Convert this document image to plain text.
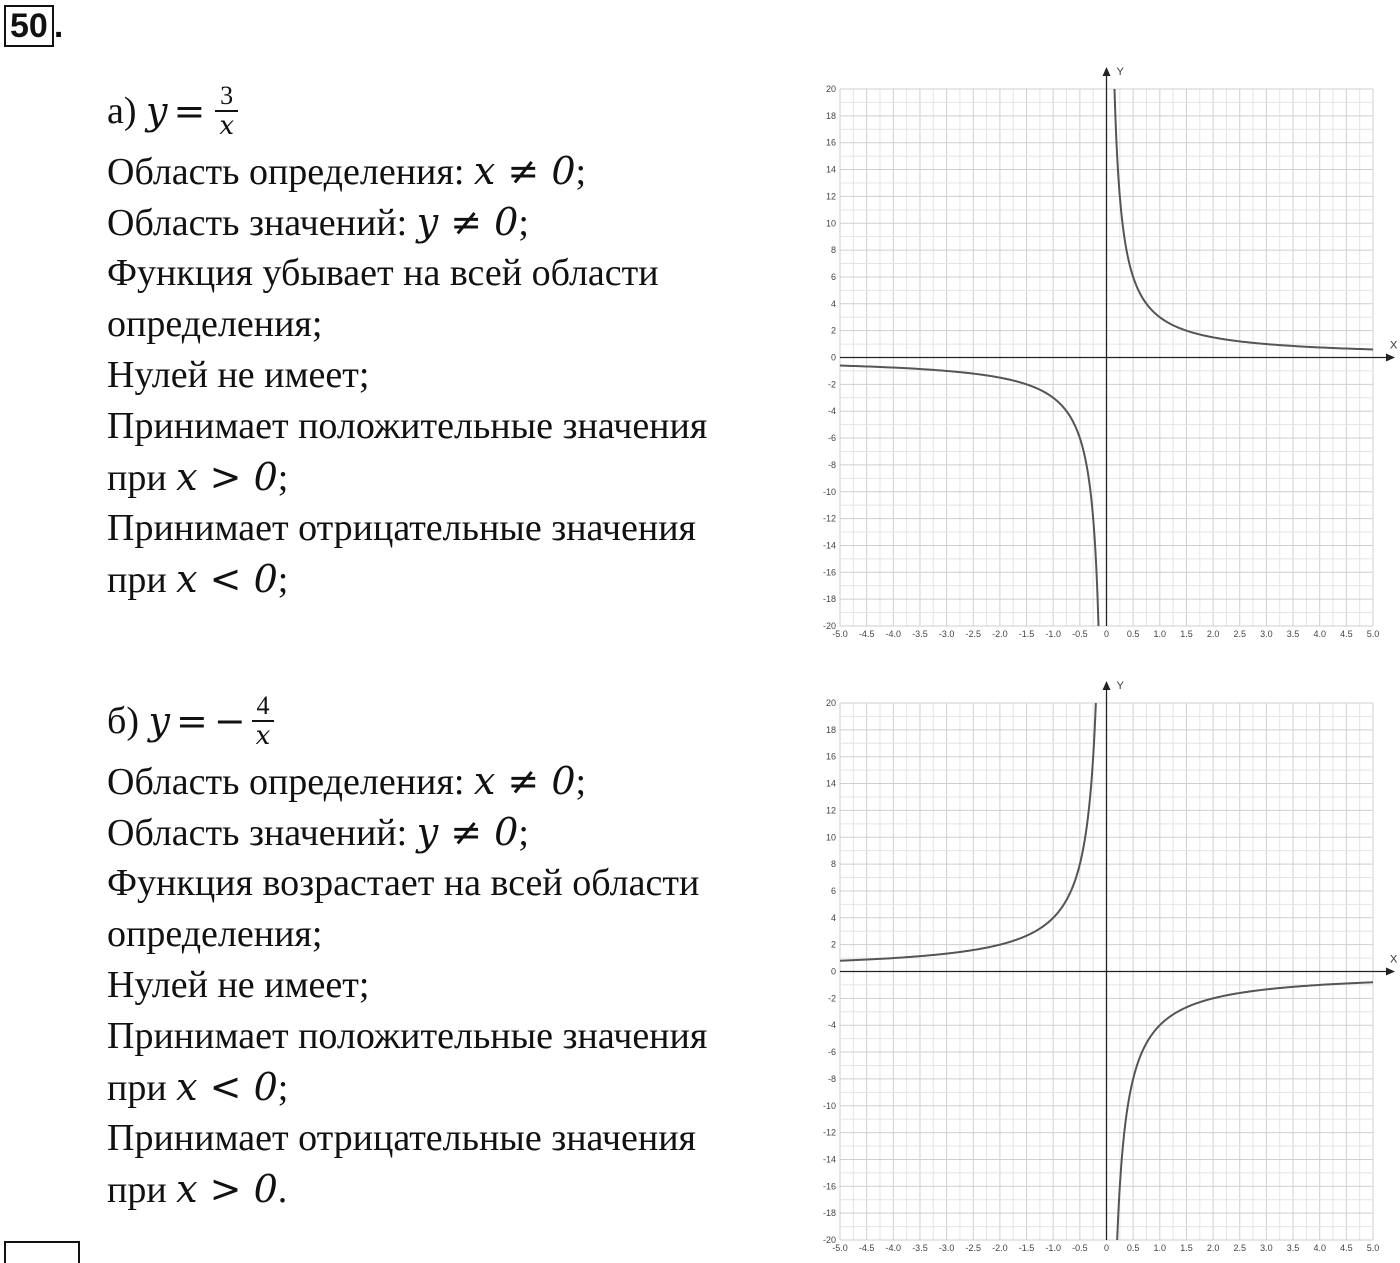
50 .
а)
$y = \frac{3}{x}$
Область определения: x ≠ 0;
Область значений: y ≠ 0;
Функция убывает на всей области
определения;
Нулей не имеет;
Принимает положительные значения
при x > 0;
Принимает отрицательные значения
при x < 0;
б)
y = − $\frac{4}{x}$
Область определения: x ≠ 0;
Область значений: y ≠ 0;
Функция возрастает на всей области
определения;
Нулей не имеет;
Принимает положительные значения
при x < 0;
Принимает отрицательные значения
при x > 0.
X
Y
-5.0 -4.5 -4.0 -3.5 -3.0 -2.5 -2.0 -1.5 -1.0 -0.5 0 0.5 1.0 1.5 2.0 2.5 3.0 3.5 4.0 4.5 5.0
20
18
16
14
12
10
8
6
4
2
0
-2
-4
-6
-8
-10
-12
-14
-16
-18
-20
X
Y
-5.0 -4.5 -4.0 -3.5 -3.0 -2.5 -2.0 -1.5 -1.0 -0.5 0 0.5 1.0 1.5 2.0 2.5 3.0 3.5 4.0 4.5 5.0
20
18
16
14
12
10
8
6
4
2
0
-2
-4
-6
-8
-10
-12
-14
-16
-18
-20
